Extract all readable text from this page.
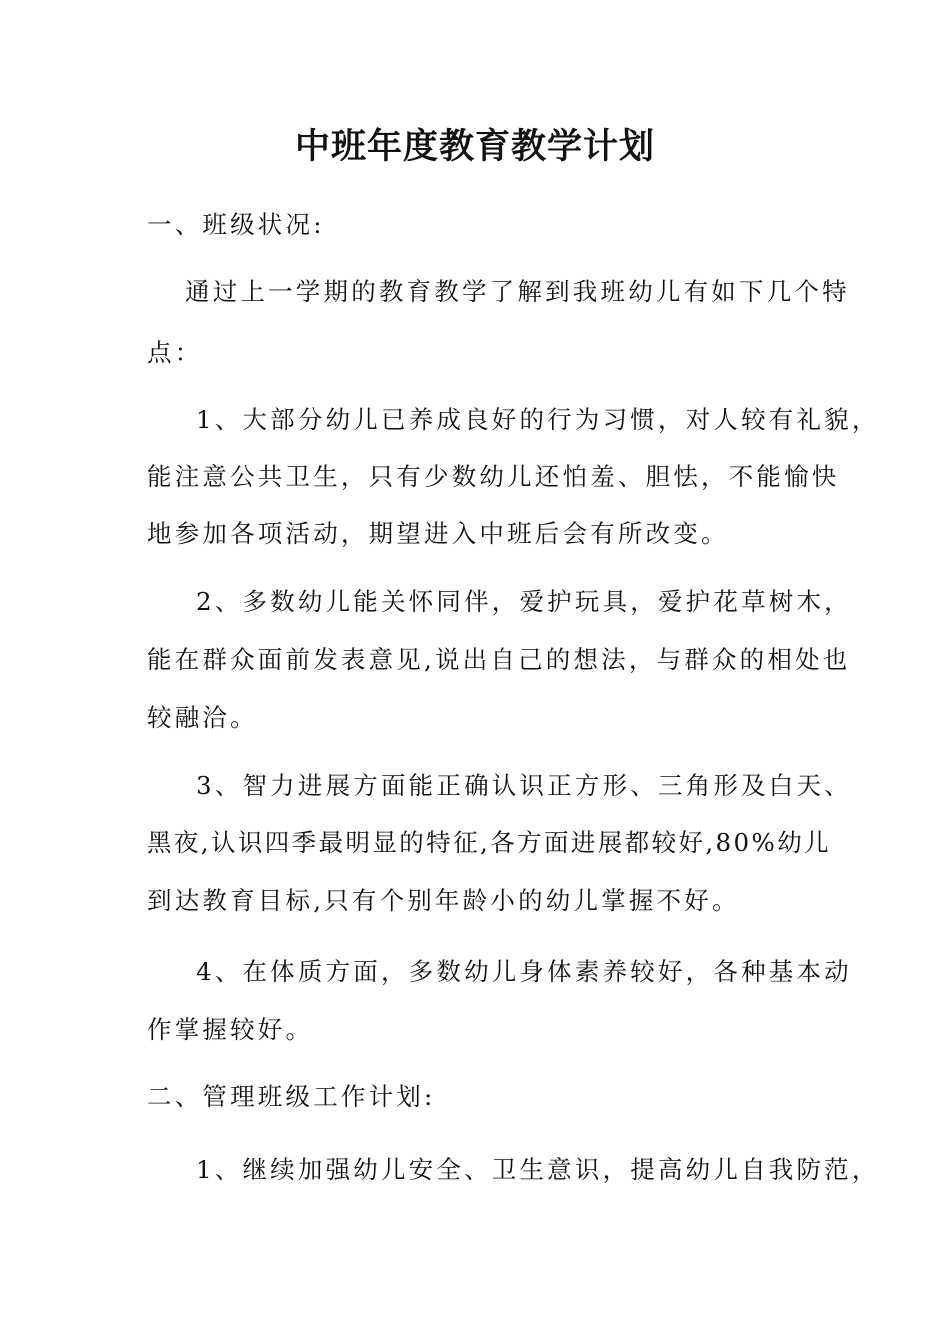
中班年度教育教学计划
一、班级状况:
通过上一学期的教育教学了解到我班幼儿有如下几个特
点：
1、大部分幼儿已养成良好的行为习惯，对人较有礼貌，
能注意公共卫生，只有少数幼儿还怕羞、胆怯，不能愉快
地参加各项活动，期望进入中班后会有所改变。
2、多数幼儿能关怀同伴，爱护玩具，爱护花草树木，
能在群众面前发表意见,说出自己的想法，与群众的相处也
较融洽。
3、智力进展方面能正确认识正方形、三角形及白天、
黑夜,认识四季最明显的特征,各方面进展都较好,80%幼儿
到达教育目标,只有个别年龄小的幼儿掌握不好。
4、在体质方面，多数幼儿身体素养较好，各种基本动
作掌握较好。
二、管理班级工作计划:
1、继续加强幼儿安全、卫生意识，提高幼儿自我防范，
